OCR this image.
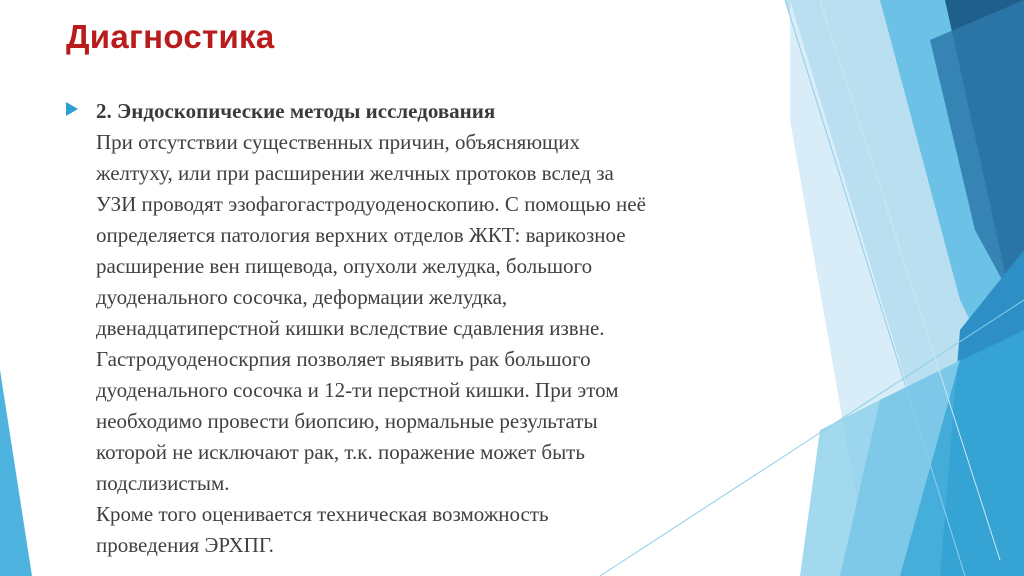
Диагностика
2. Эндоскопические методы исследования
При отсутствии существенных причин, объясняющих
желтуху, или при расширении желчных протоков вслед за
УЗИ проводят эзофагогастродуоденоскопию. С помощью неё
определяется патология верхних отделов ЖКТ: варикозное
расширение вен пищевода, опухоли желудка, большого
дуоденального сосочка, деформации желудка,
двенадцатиперстной кишки вследствие сдавления извне.
Гастродуоденоскрпия позволяет выявить рак большого
дуоденального сосочка и 12-ти перстной кишки. При этом
необходимо провести биопсию, нормальные результаты
которой не исключают рак, т.к. поражение может быть
подслизистым.
Кроме того оценивается техническая возможность
проведения ЭРХПГ.
